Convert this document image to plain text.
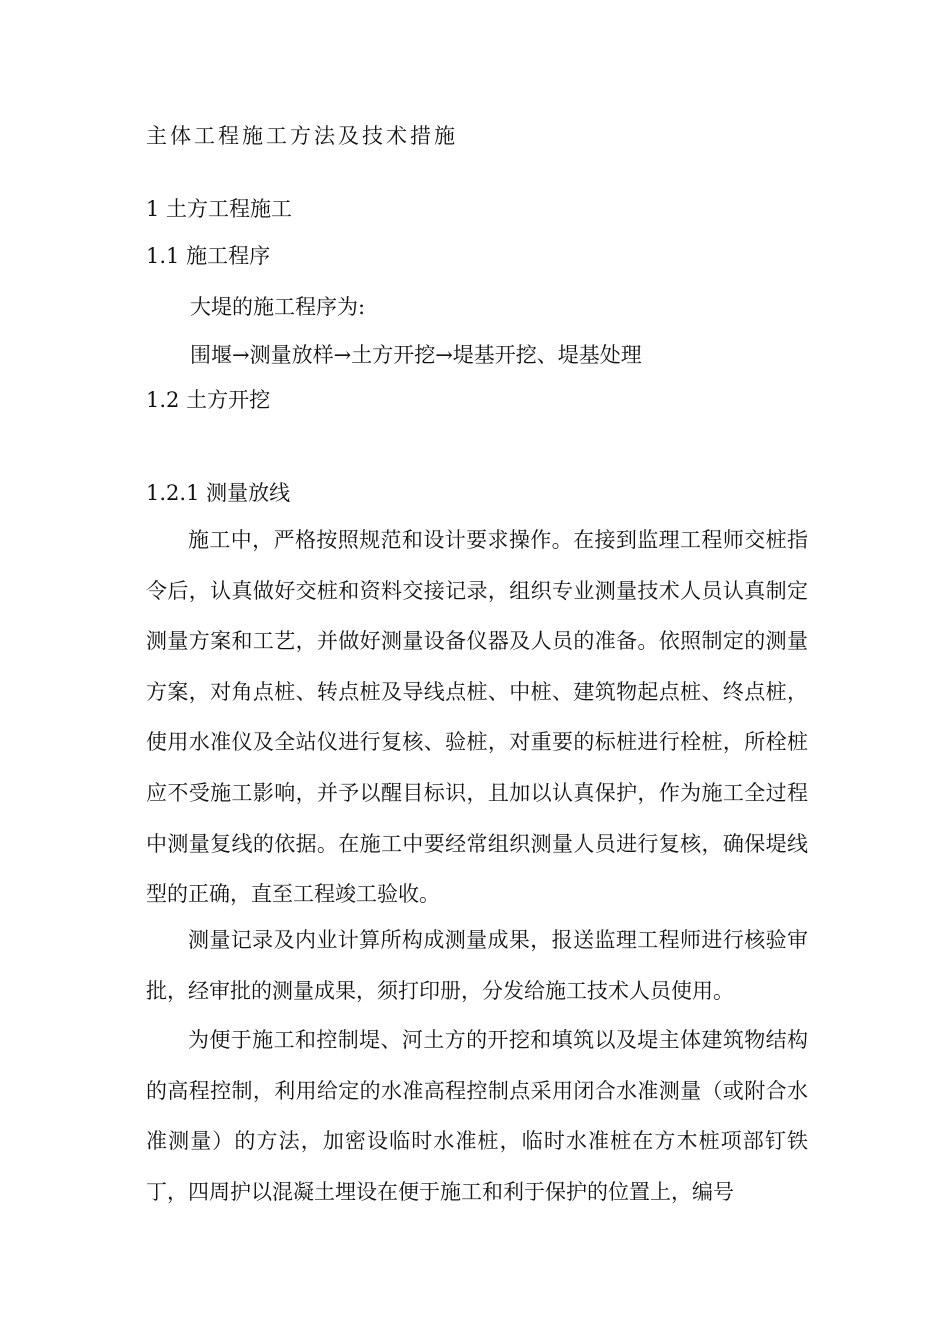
主体工程施工方法及技术措施
1 土方工程施工
1.1 施工程序
大堤的施工程序为:
围堰→测量放样→土方开挖→堤基开挖、堤基处理
1.2 土方开挖
1.2.1 测量放线

施工中，严格按照规范和设计要求操作。在接到监理工程师交桩指令后，认真做好交桩和资料交接记录，组织专业测量技术人员认真制定测量方案和工艺，并做好测量设备仪器及人员的准备。依照制定的测量方案，对角点桩、转点桩及导线点桩、中桩、建筑物起点桩、终点桩，使用水准仪及全站仪进行复核、验桩，对重要的标桩进行栓桩，所栓桩应不受施工影响，并予以醒目标识，且加以认真保护，作为施工全过程中测量复线的依据。在施工中要经常组织测量人员进行复核，确保堤线型的正确，直至工程竣工验收。

测量记录及内业计算所构成测量成果，报送监理工程师进行核验审批，经审批的测量成果，须打印册，分发给施工技术人员使用。

为便于施工和控制堤、河土方的开挖和填筑以及堤主体建筑物结构的高程控制，利用给定的水准高程控制点采用闭合水准测量（或附合水准测量）的方法，加密设临时水准桩，临时水准桩在方木桩项部钉铁丁，四周护以混凝土埋设在便于施工和利于保护的位置上，编号
